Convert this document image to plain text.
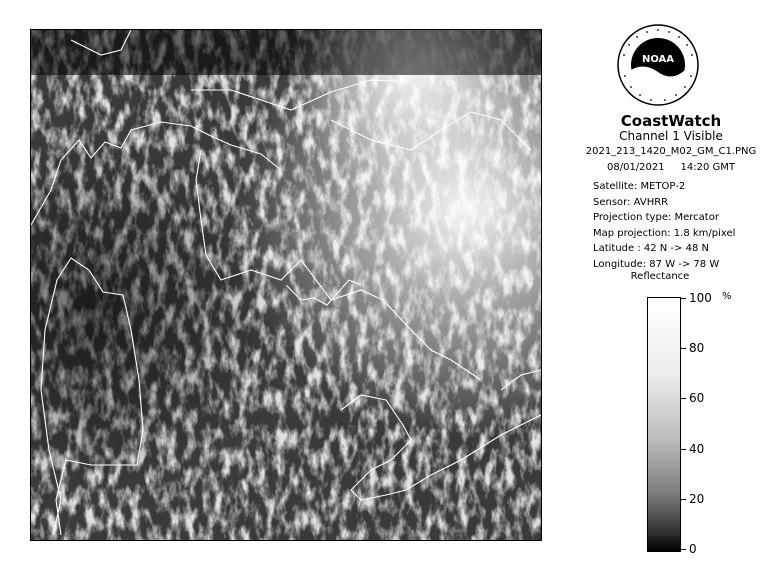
NOAA
CoastWatch
Channel 1 Visible
2021_213_1420_M02_GM_C1.PNG
08/01/2021     14:20 GMT
Satellite: METOP-2
Sensor: AVHRR
Projection type: Mercator
Map projection: 1.8 km/pixel
Latitude : 42 N -> 48 N
Longitude: 87 W -> 78 W
Reflectance
%
100
80
60
40
20
0
